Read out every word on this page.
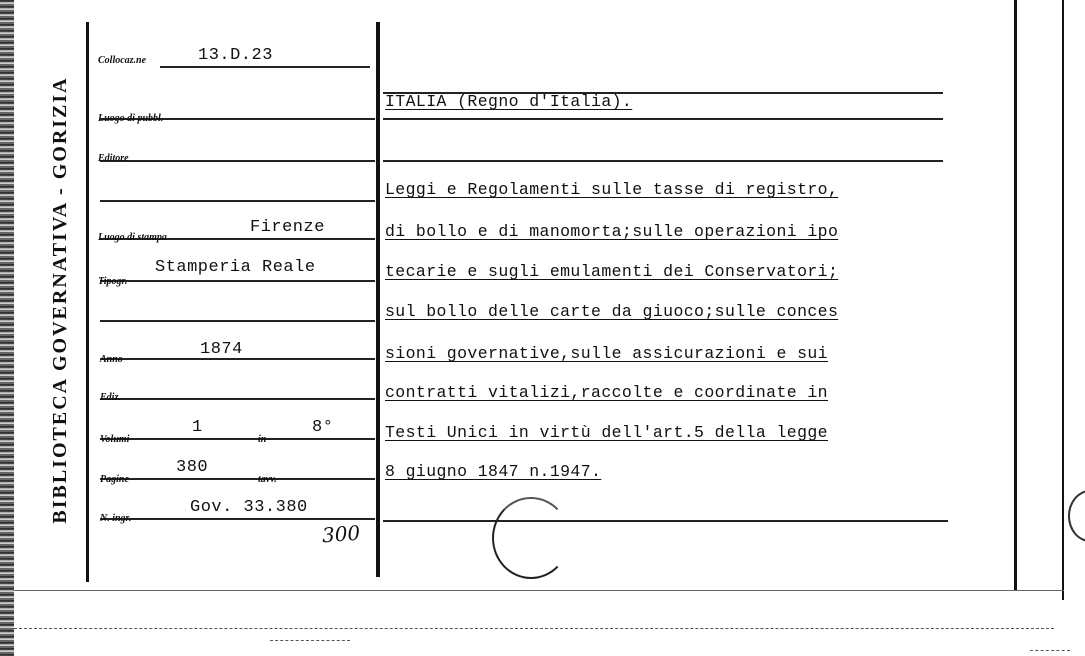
BIBLIOTECA GOVERNATIVA - GORIZIA
Collocaz.ne	13.D.23
Luogo di pubbl.
Editore
Luogo di stampa
Firenze
Tipogr.
Stamperia Reale
Anno
1874
Ediz.
Volumi
1
in
8°
Pagine
380
tavv.
N. ingr.
Gov. 33.380
300
ITALIA (Regno d'Italia).
Leggi e Regolamenti sulle tasse di registro,
di bollo e di manomorta;sulle operazioni ipo
tecarie e sugli emulamenti dei Conservatori;
sul bollo delle carte da giuoco;sulle conces
sioni governative,sulle assicurazioni e sui
contratti vitalizi,raccolte e coordinate in
Testi Unici in virtù dell'art.5 della legge
8 giugno 1847 n.1947.
